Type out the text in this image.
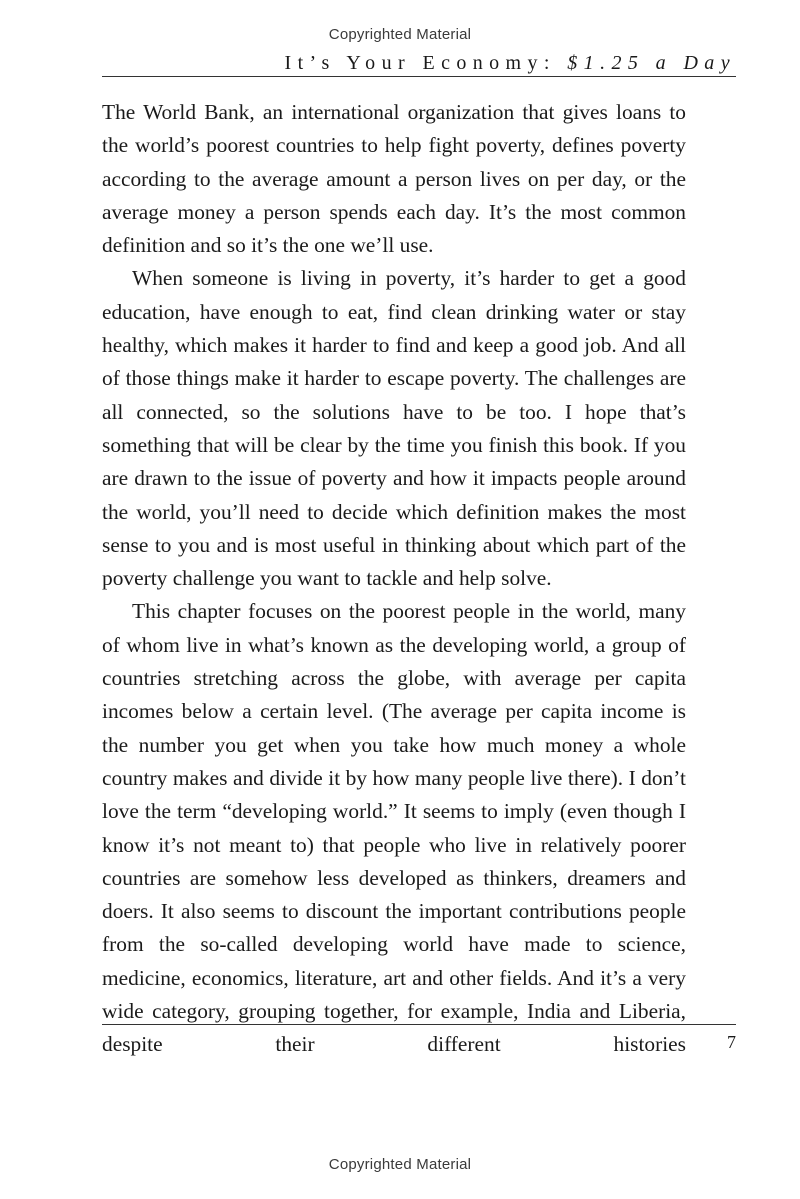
Copyrighted Material
It’s Your Economy: $1.25 a Day

The World Bank, an international organization that gives loans to the world’s poorest countries to help fight poverty, defines poverty according to the average amount a person lives on per day, or the average money a person spends each day. It’s the most common definition and so it’s the one we’ll use.

When someone is living in poverty, it’s harder to get a good education, have enough to eat, find clean drinking water or stay healthy, which makes it harder to find and keep a good job. And all of those things make it harder to escape poverty. The challenges are all connected, so the solutions have to be too. I hope that’s something that will be clear by the time you finish this book. If you are drawn to the issue of poverty and how it impacts people around the world, you’ll need to decide which definition makes the most sense to you and is most useful in thinking about which part of the poverty challenge you want to tackle and help solve.

This chapter focuses on the poorest people in the world, many of whom live in what’s known as the developing world, a group of countries stretching across the globe, with average per capita incomes below a certain level. (The average per capita income is the number you get when you take how much money a whole country makes and divide it by how many people live there). I don’t love the term “developing world.” It seems to imply (even though I know it’s not meant to) that people who live in relatively poorer countries are somehow less developed as thinkers, dreamers and doers. It also seems to discount the important contributions people from the so-called developing world have made to science, medicine, economics, literature, art and other fields. And it’s a very wide category, grouping together, for example, India and Liberia, despite their different histories 7
Copyrighted Material
